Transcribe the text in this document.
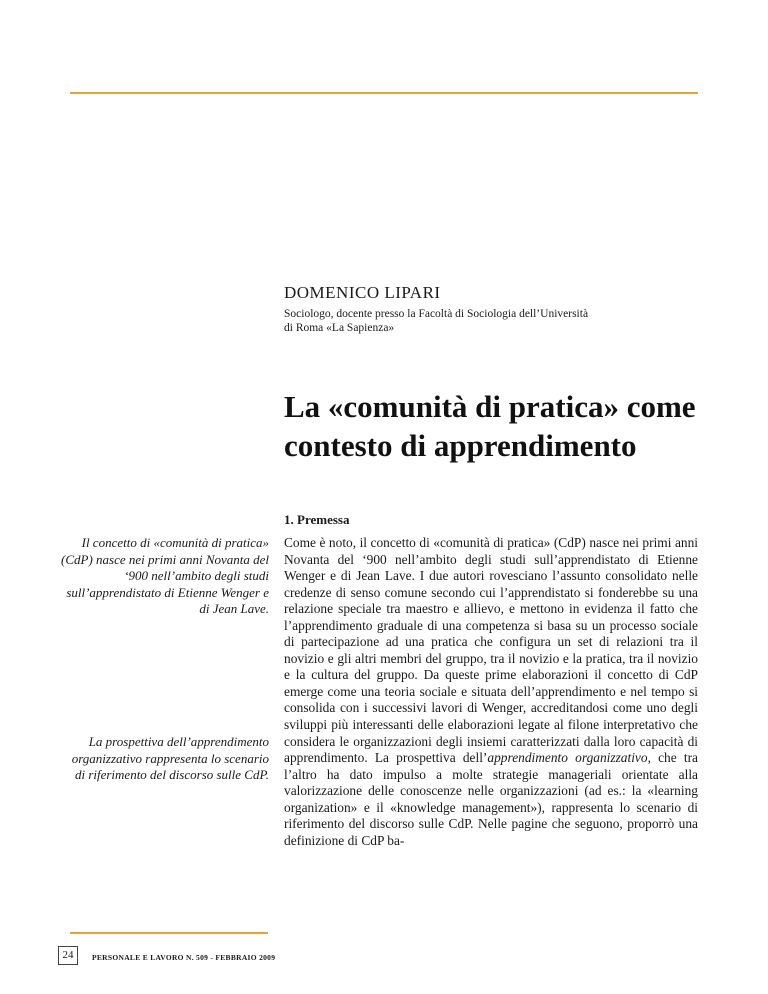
DOMENICO LIPARI
Sociologo, docente presso la Facoltà di Sociologia dell’Università
di Roma «La Sapienza»
La «comunità di pratica» come
contesto di apprendimento
1. Premessa
Come è noto, il concetto di «comunità di pratica» (CdP) nasce nei primi anni Novanta del ‘900 nell’ambito degli studi sull’apprendistato di Etienne Wenger e di Jean Lave. I due autori rovesciano l’assunto consolidato nelle credenze di senso comune secondo cui l’apprendistato si fonderebbe su una relazione speciale tra maestro e allievo, e mettono in evidenza il fatto che l’apprendimento graduale di una competenza si basa su un processo sociale di partecipazione ad una pratica che configura un set di relazioni tra il novizio e gli altri membri del gruppo, tra il novizio e la pratica, tra il novizio e la cultura del gruppo. Da queste prime elaborazioni il concetto di CdP emerge come una teoria sociale e situata dell’apprendimento e nel tempo si consolida con i successivi lavori di Wenger, accreditandosi come uno degli sviluppi più interessanti delle elaborazioni legate al filone interpretativo che considera le organizzazioni degli insiemi caratterizzati dalla loro capacità di apprendimento. La prospettiva dell’apprendimento organizzativo, che tra l’altro ha dato impulso a molte strategie manageriali orientate alla valorizzazione delle conoscenze nelle organizzazioni (ad es.: la «learning organization» e il «knowledge management»), rappresenta lo scenario di riferimento del discorso sulle CdP. Nelle pagine che seguono, proporrò una definizione di CdP ba-
Il concetto di «comunità di pratica» (CdP) nasce nei primi anni Novanta del ‘900 nell’ambito degli studi sull’apprendistato di Etienne Wenger e di Jean Lave.
La prospettiva dell’apprendimento organizzativo rappresenta lo scenario di riferimento del discorso sulle CdP.
24	PERSONALE E LAVORO N. 509 - FEBBRAIO 2009
